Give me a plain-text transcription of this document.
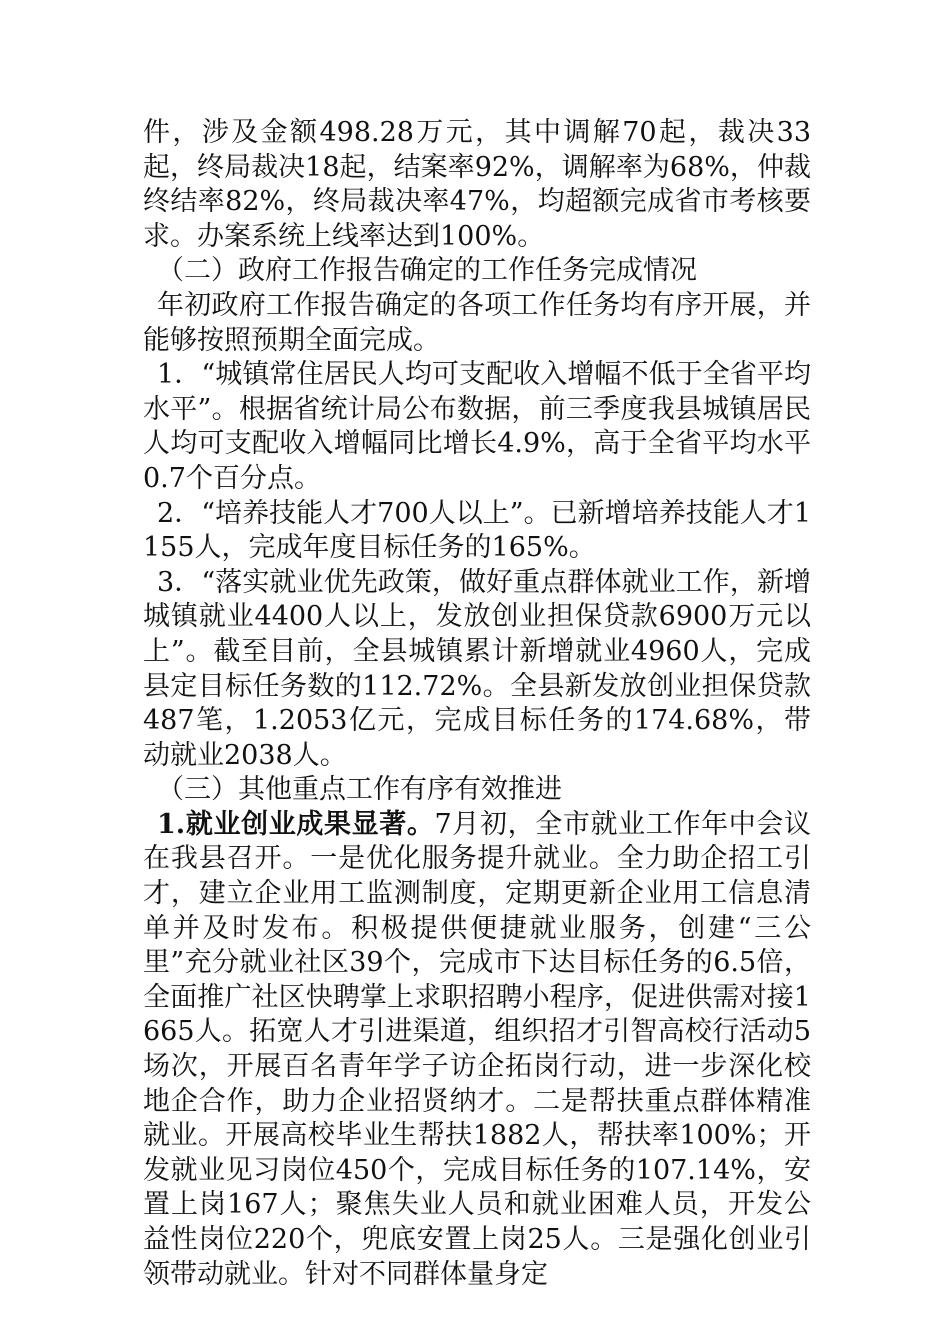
件，涉及金额498.28万元，其中调解70起，裁决33起，终局裁决18起，结案率92%，调解率为68%，仲裁终结率82%，终局裁决率47%，均超额完成省市考核要求。办案系统上线率达到100%。

（二）政府工作报告确定的工作任务完成情况

年初政府工作报告确定的各项工作任务均有序开展，并能够按照预期全面完成。

1．“城镇常住居民人均可支配收入增幅不低于全省平均水平”。根据省统计局公布数据，前三季度我县城镇居民人均可支配收入增幅同比增长4.9%，高于全省平均水平0.7个百分点。

2．“培养技能人才700人以上”。已新增培养技能人才1155人，完成年度目标任务的165%。

3．“落实就业优先政策，做好重点群体就业工作，新增城镇就业4400人以上，发放创业担保贷款6900万元以上”。截至目前，全县城镇累计新增就业4960人，完成县定目标任务数的112.72%。全县新发放创业担保贷款487笔，1.2053亿元，完成目标任务的174.68%，带动就业2038人。

（三）其他重点工作有序有效推进

1.就业创业成果显著。7月初，全市就业工作年中会议在我县召开。一是优化服务提升就业。全力助企招工引才，建立企业用工监测制度，定期更新企业用工信息清单并及时发布。积极提供便捷就业服务，创建“三公里”充分就业社区39个，完成市下达目标任务的6.5倍，全面推广社区快聘掌上求职招聘小程序，促进供需对接1665人。拓宽人才引进渠道，组织招才引智高校行活动5场次，开展百名青年学子访企拓岗行动，进一步深化校地企合作，助力企业招贤纳才。二是帮扶重点群体精准就业。开展高校毕业生帮扶1882人，帮扶率100%；开发就业见习岗位450个，完成目标任务的107.14%，安置上岗167人；聚焦失业人员和就业困难人员，开发公益性岗位220个，兜底安置上岗25人。三是强化创业引领带动就业。针对不同群体量身定
